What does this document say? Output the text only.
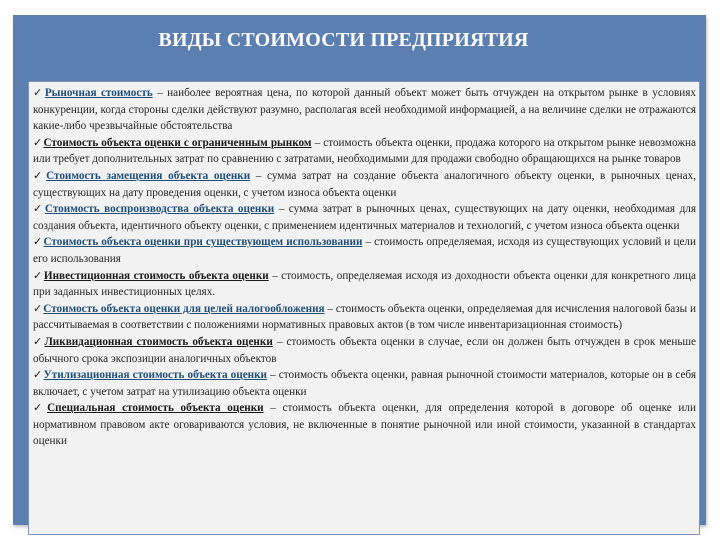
ВИДЫ СТОИМОСТИ ПРЕДПРИЯТИЯ

✓Рыночная стоимость – наиболее вероятная цена, по которой данный объект может быть отчужден на открытом рынке в условиях конкуренции, когда стороны сделки действуют разумно, располагая всей необходимой информацией, а на величине сделки не отражаются какие-либо чрезвычайные обстоятельства

✓Стоимость объекта оценки с ограниченным рынком – стоимость объекта оценки, продажа которого на открытом рынке невозможна или требует дополнительных затрат по сравнению с затратами, необходимыми для продажи свободно обращающихся на рынке товаров

✓Стоимость замещения объекта оценки – сумма затрат на создание объекта аналогичного объекту оценки, в рыночных ценах, существующих на дату проведения оценки, с учетом износа объекта оценки

✓Стоимость воспроизводства объекта оценки – сумма затрат в рыночных ценах, существующих на дату оценки, необходимая для создания объекта, идентичного объекту оценки, с применением идентичных материалов и технологий, с учетом износа объекта оценки

✓Стоимость объекта оценки при существующем использовании – стоимость определяемая, исходя из существующих условий и цели его использования

✓Инвестиционная стоимость объекта оценки – стоимость, определяемая исходя из доходности объекта оценки для конкретного лица при заданных инвестиционных целях.

✓Стоимость объекта оценки для целей налогообложения – стоимость объекта оценки, определяемая для исчисления налоговой базы и рассчитываемая в соответствии с положениями нормативных правовых актов (в том числе инвентаризационная стоимость)

✓Ликвидационная стоимость объекта оценки – стоимость объекта оценки в случае, если он должен быть отчужден в срок меньше обычного срока экспозиции аналогичных объектов

✓Утилизационная стоимость объекта оценки – стоимость объекта оценки, равная рыночной стоимости материалов, которые он в себя включает, с учетом затрат на утилизацию объекта оценки

✓Специальная стоимость объекта оценки – стоимость объекта оценки, для определения которой в договоре об оценке или нормативном правовом акте оговариваются условия, не включенные в понятие рыночной или иной стоимости, указанной в стандартах оценки
